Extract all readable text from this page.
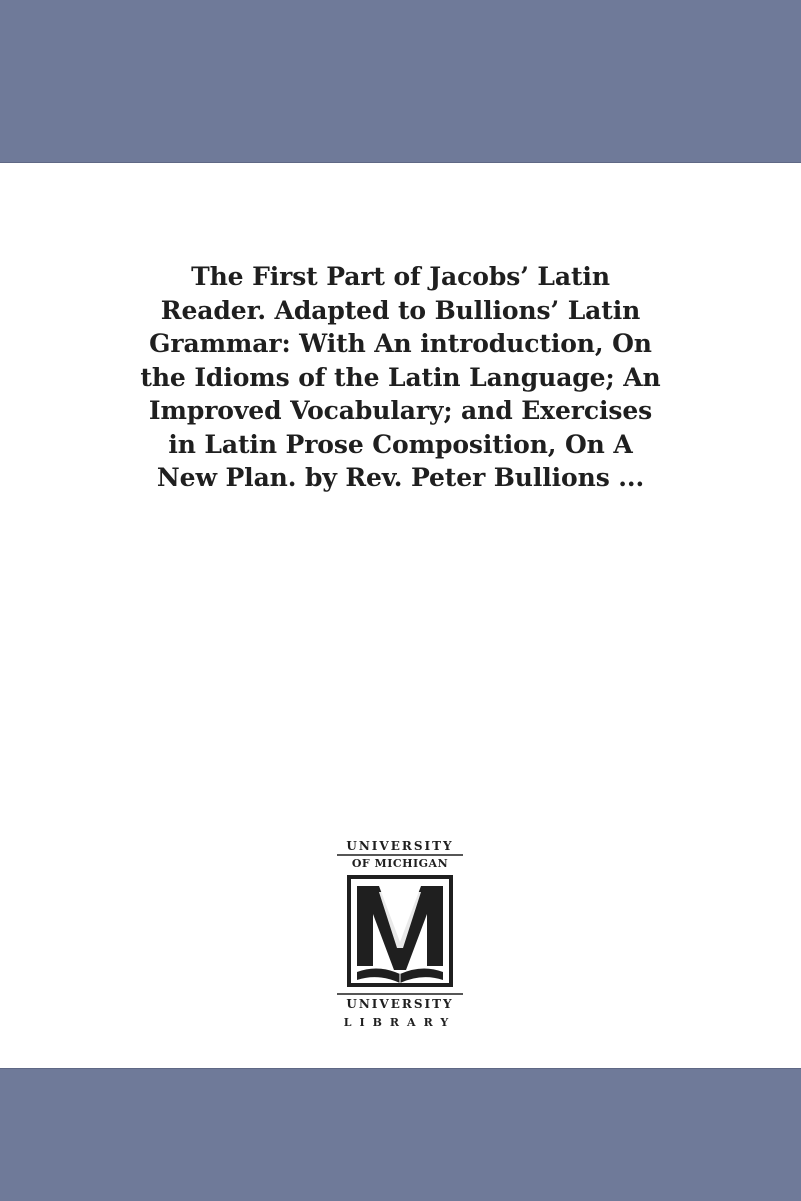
The First Part of Jacobs’ Latin
Reader. Adapted to Bullions’ Latin
Grammar: With An introduction, On
the Idioms of the Latin Language; An
Improved Vocabulary; and Exercises
in Latin Prose Composition, On A
New Plan. by Rev. Peter Bullions ...
UNIVERSITY
OF MICHIGAN
UNIVERSITY
LIBRARY
